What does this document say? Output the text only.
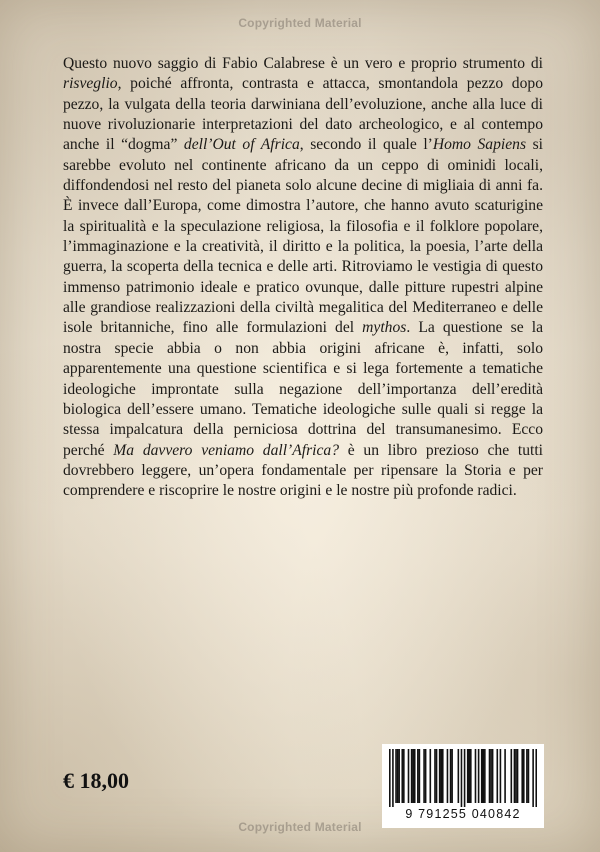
Copyrighted Material

Questo nuovo saggio di Fabio Calabrese è un vero e proprio strumento di risveglio, poiché affronta, contrasta e attacca, smontandola pezzo dopo pezzo, la vulgata della teoria darwiniana dell’evoluzione, anche alla luce di nuove rivoluzionarie interpretazioni del dato archeologico, e al contempo anche il “dogma” dell’Out of Africa, secondo il quale l’Homo Sapiens si sarebbe evoluto nel continente africano da un ceppo di ominidi locali, diffondendosi nel resto del pianeta solo alcune decine di migliaia di anni fa. È invece dall’Europa, come dimostra l’autore, che hanno avuto scaturigine la spiritualità e la speculazione religiosa, la filosofia e il folklore popolare, l’immaginazione e la creatività, il diritto e la politica, la poesia, l’arte della guerra, la scoperta della tecnica e delle arti. Ritroviamo le vestigia di questo immenso patrimonio ideale e pratico ovunque, dalle pitture rupestri alpine alle grandiose realizzazioni della civiltà megalitica del Mediterraneo e delle isole britanniche, fino alle formulazioni del mythos. La questione se la nostra specie abbia o non abbia origini africane è, infatti, solo apparentemente una questione scientifica e si lega fortemente a tematiche ideologiche improntate sulla negazione dell’importanza dell’eredità biologica dell’essere umano. Tematiche ideologiche sulle quali si regge la stessa impalcatura della perniciosa dottrina del transumanesimo. Ecco perché Ma davvero veniamo dall’Africa? è un libro prezioso che tutti dovrebbero leggere, un’opera fondamentale per ripensare la Storia e per comprendere e riscoprire le nostre origini e le nostre più profonde radici.

€ 18,00
9 791255 040842
Copyrighted Material
